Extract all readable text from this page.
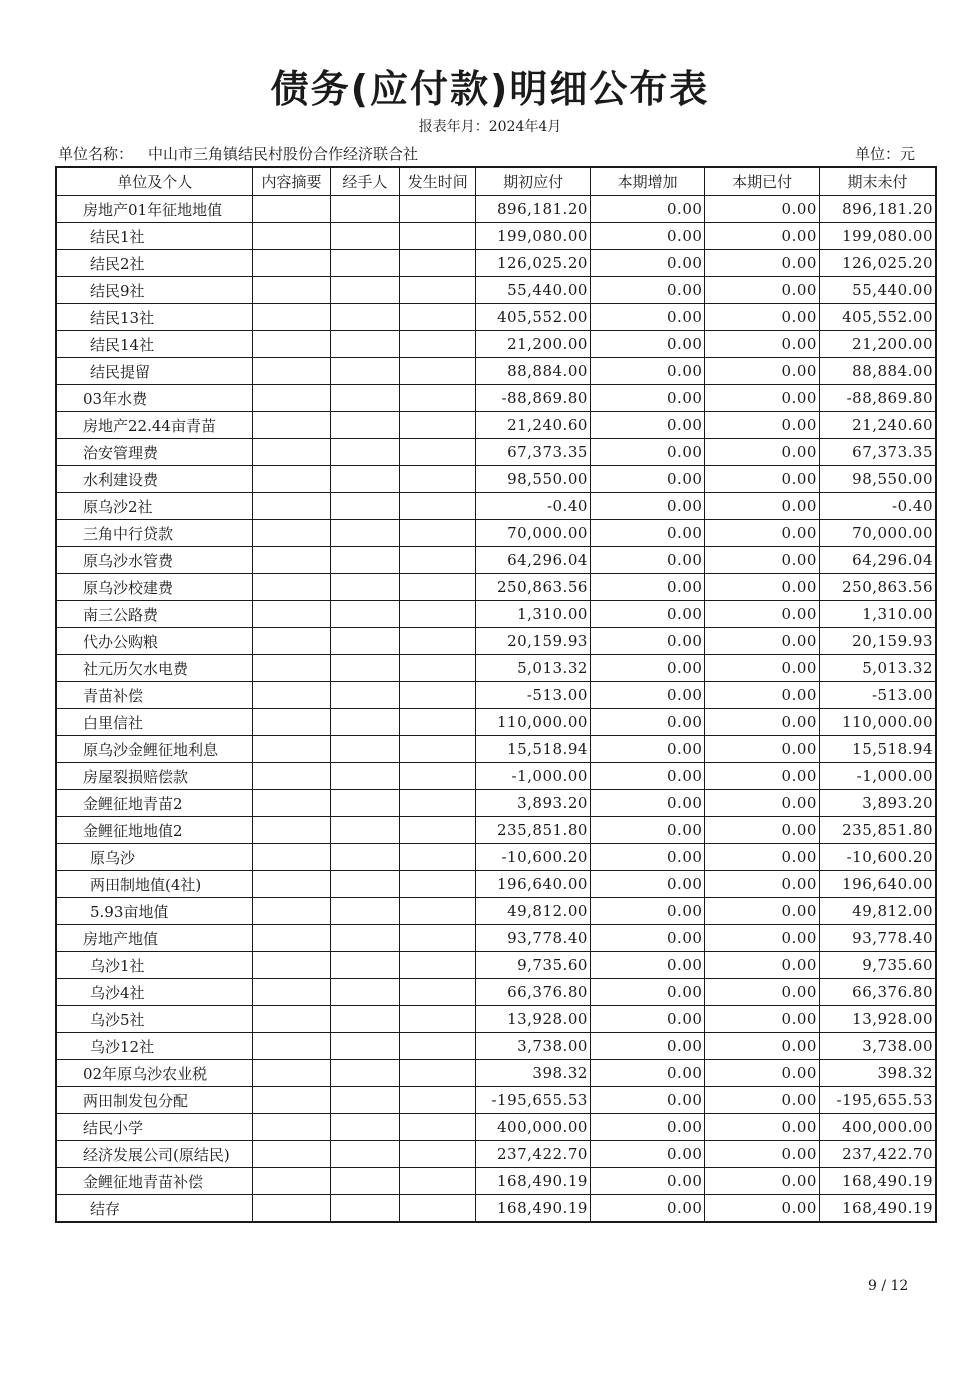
债务(应付款)明细公布表
报表年月：2024年4月
单位名称： 中山市三角镇结民村股份合作经济联合社	单位：元
单位及个人	内容摘要	经手人	发生时间	期初应付	本期增加	本期已付	期末未付
房地产01年征地地值				896,181.20	0.00	0.00	896,181.20
结民1社				199,080.00	0.00	0.00	199,080.00
结民2社				126,025.20	0.00	0.00	126,025.20
结民9社				55,440.00	0.00	0.00	55,440.00
结民13社				405,552.00	0.00	0.00	405,552.00
结民14社				21,200.00	0.00	0.00	21,200.00
结民提留				88,884.00	0.00	0.00	88,884.00
03年水费				-88,869.80	0.00	0.00	-88,869.80
房地产22.44亩青苗				21,240.60	0.00	0.00	21,240.60
治安管理费				67,373.35	0.00	0.00	67,373.35
水利建设费				98,550.00	0.00	0.00	98,550.00
原乌沙2社				-0.40	0.00	0.00	-0.40
三角中行贷款				70,000.00	0.00	0.00	70,000.00
原乌沙水管费				64,296.04	0.00	0.00	64,296.04
原乌沙校建费				250,863.56	0.00	0.00	250,863.56
南三公路费				1,310.00	0.00	0.00	1,310.00
代办公购粮				20,159.93	0.00	0.00	20,159.93
社元历欠水电费				5,013.32	0.00	0.00	5,013.32
青苗补偿				-513.00	0.00	0.00	-513.00
白里信社				110,000.00	0.00	0.00	110,000.00
原乌沙金鲤征地利息				15,518.94	0.00	0.00	15,518.94
房屋裂损赔偿款				-1,000.00	0.00	0.00	-1,000.00
金鲤征地青苗2				3,893.20	0.00	0.00	3,893.20
金鲤征地地值2				235,851.80	0.00	0.00	235,851.80
原乌沙				-10,600.20	0.00	0.00	-10,600.20
两田制地值(4社)				196,640.00	0.00	0.00	196,640.00
5.93亩地值				49,812.00	0.00	0.00	49,812.00
房地产地值				93,778.40	0.00	0.00	93,778.40
乌沙1社				9,735.60	0.00	0.00	9,735.60
乌沙4社				66,376.80	0.00	0.00	66,376.80
乌沙5社				13,928.00	0.00	0.00	13,928.00
乌沙12社				3,738.00	0.00	0.00	3,738.00
02年原乌沙农业税				398.32	0.00	0.00	398.32
两田制发包分配				-195,655.53	0.00	0.00	-195,655.53
结民小学				400,000.00	0.00	0.00	400,000.00
经济发展公司(原结民)				237,422.70	0.00	0.00	237,422.70
金鲤征地青苗补偿				168,490.19	0.00	0.00	168,490.19
结存				168,490.19	0.00	0.00	168,490.19
9 / 12
